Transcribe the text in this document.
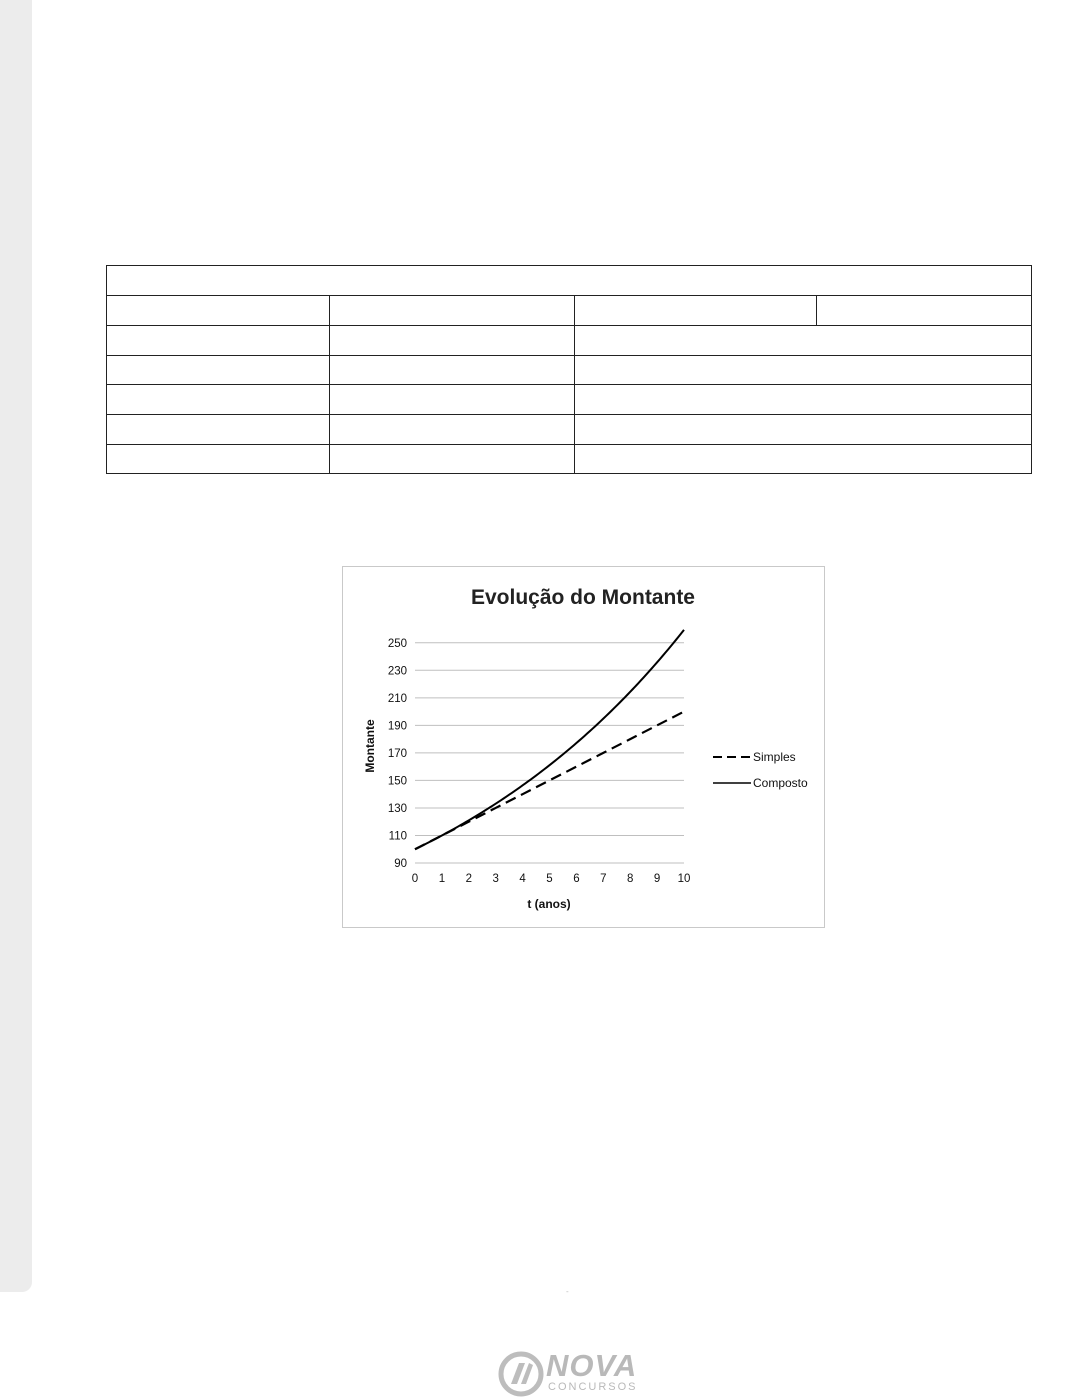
Evolução do Montante
90
110
130
150
170
190
210
230
250
0 1 2 3 4 5 6 7 8 9 10
t (anos)
Montante	Simples
Composto
-
NOVA
CONCURSOS
